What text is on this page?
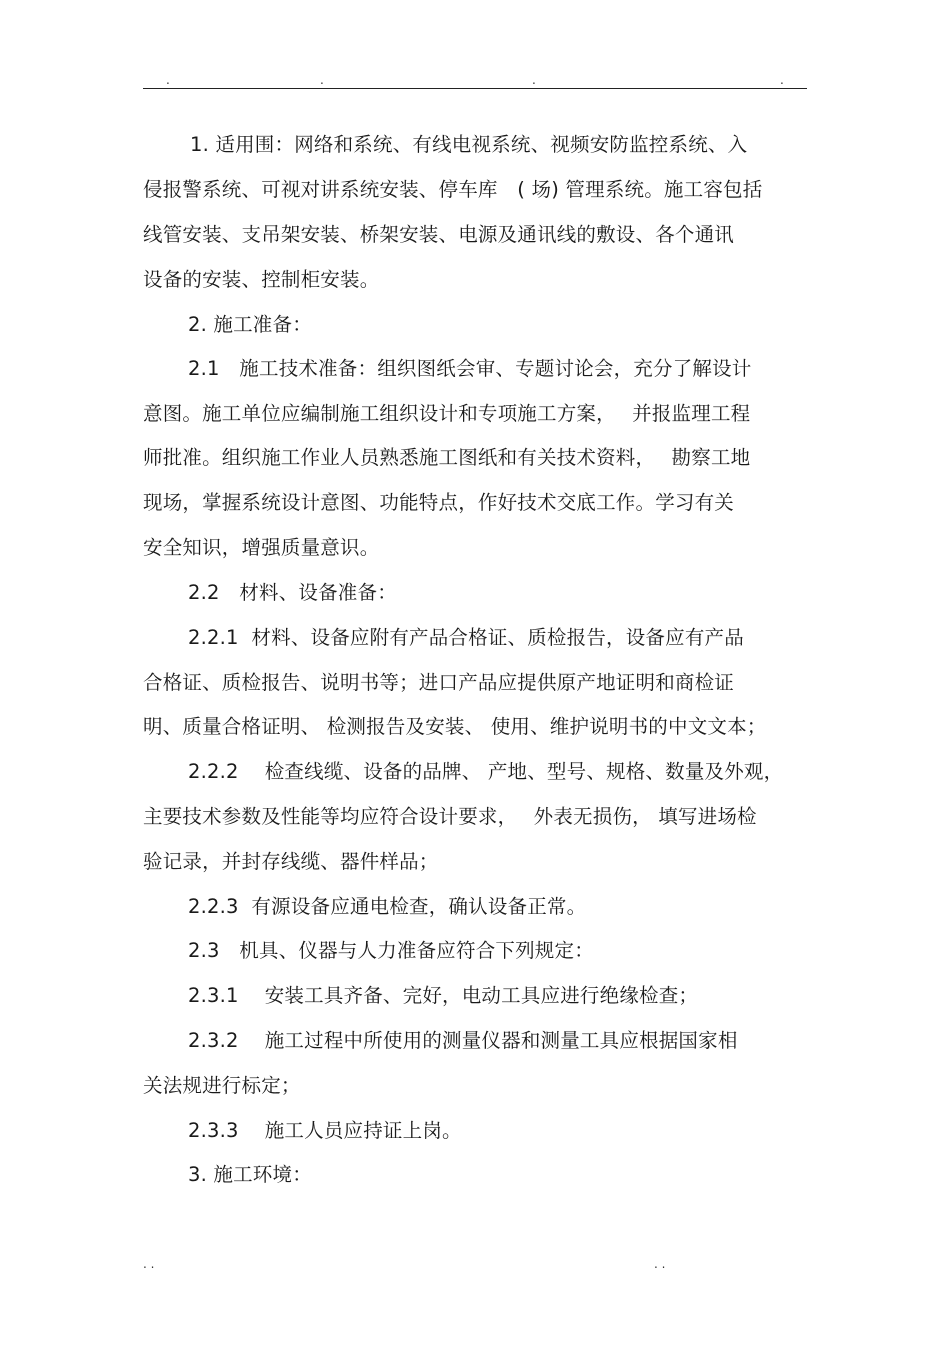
.	.	.	.
1. 适用围：网络和系统、有线电视系统、视频安防监控系统、入
侵报警系统、可视对讲系统安装、停车库　( 场) 管理系统。施工容包括
线管安装、支吊架安装、桥架安装、电源及通讯线的敷设、各个通讯
设备的安装、控制柜安装。
2. 施工准备：
2.1　施工技术准备：组织图纸会审、专题讨论会，充分了解设计
意图。施工单位应编制施工组织设计和专项施工方案，　 并报监理工程
师批准。组织施工作业人员熟悉施工图纸和有关技术资料，　 勘察工地
现场，掌握系统设计意图、功能特点，作好技术交底工作。学习有关
安全知识，增强质量意识。
2.2　材料、设备准备：
2.2.1  材料、设备应附有产品合格证、质检报告，设备应有产品
合格证、质检报告、说明书等；进口产品应提供原产地证明和商检证
明、质量合格证明、 检测报告及安装、 使用、维护说明书的中文文本；
2.2.2　 检查线缆、设备的品牌、 产地、型号、规格、数量及外观，
主要技术参数及性能等均应符合设计要求，　 外表无损伤， 填写进场检
验记录，并封存线缆、器件样品；
2.2.3  有源设备应通电检查，确认设备正常。
2.3　机具、仪器与人力准备应符合下列规定：
2.3.1　 安装工具齐备、完好，电动工具应进行绝缘检查；
2.3.2　 施工过程中所使用的测量仪器和测量工具应根据国家相
关法规进行标定；
2.3.3　 施工人员应持证上岗。
3. 施工环境：
. .	. .
